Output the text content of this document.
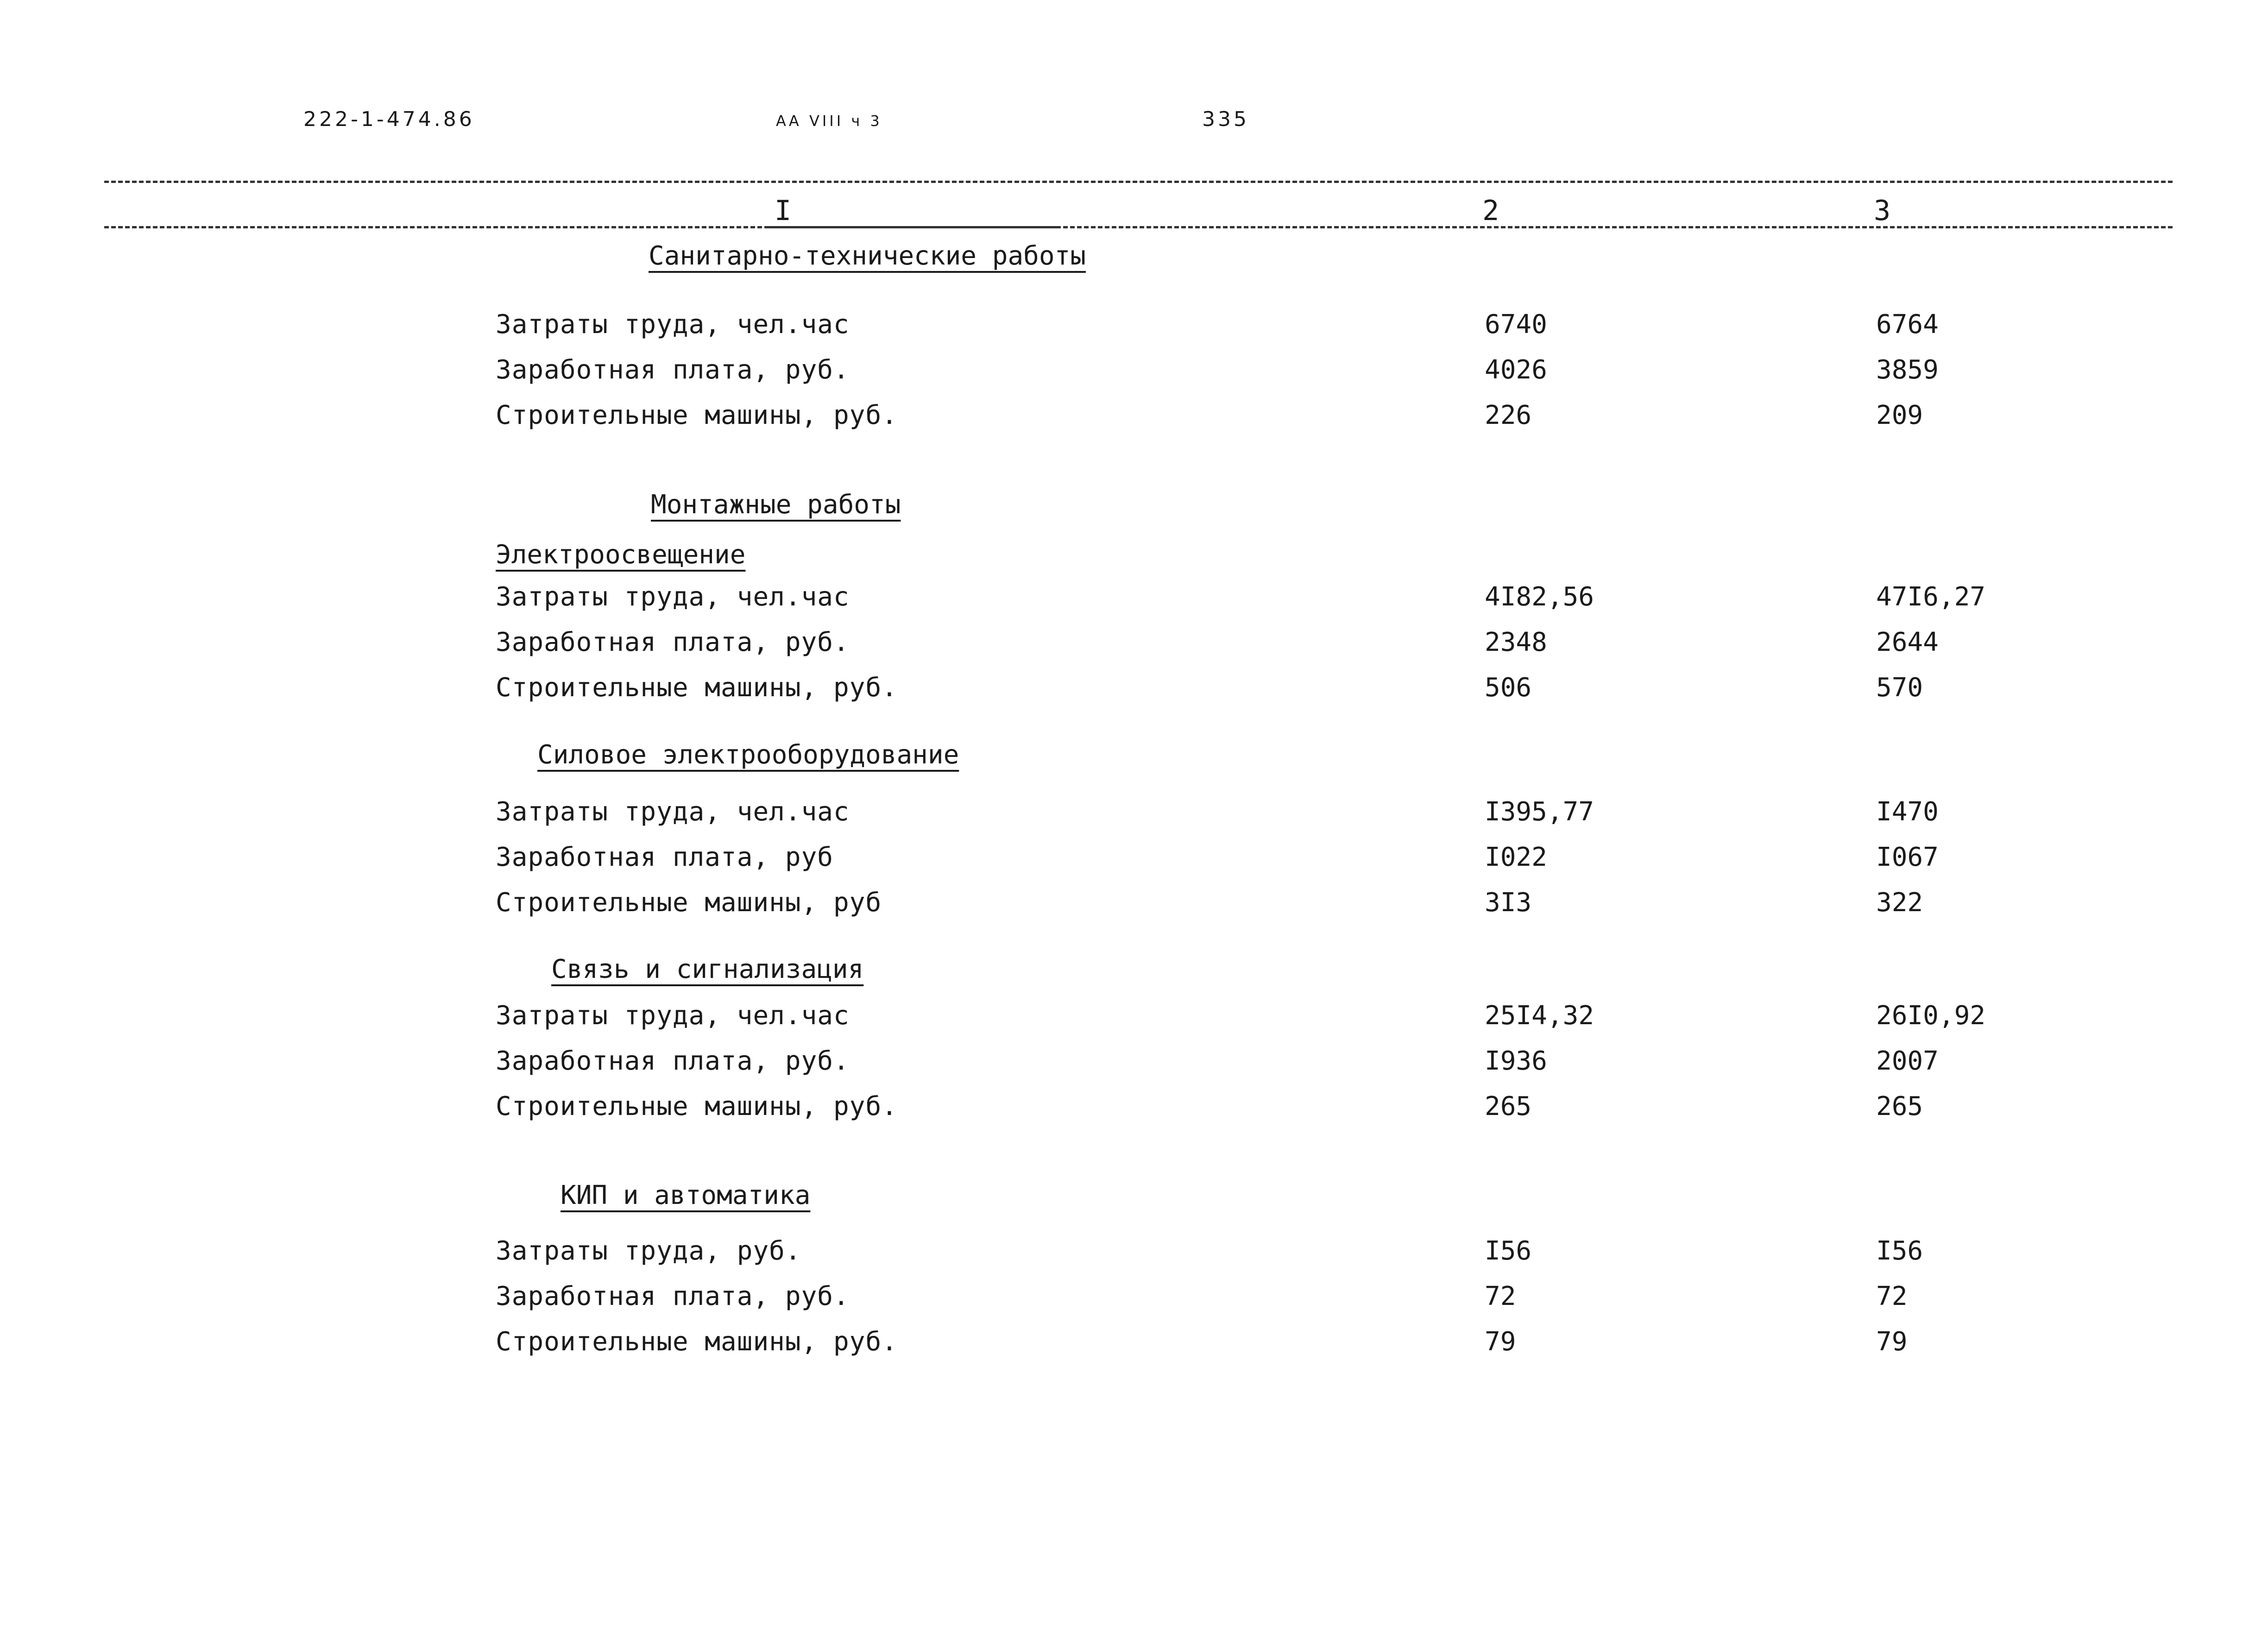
222-1-474.86	АА VIII ч 3	335
I	2	3
Санитарно-технические работы
Затраты труда, чел.час	6740	6764
Заработная плата, руб.	4026	3859
Строительные машины, руб.	226	209
Монтажные работы
Электроосвещение
Затраты труда, чел.час	4I82,56	47I6,27
Заработная плата, руб.	2348	2644
Строительные машины, руб.	506	570
Силовое электрооборудование
Затраты труда, чел.час	I395,77	I470
Заработная плата, руб	I022	I067
Строительные машины, руб	3I3	322
Связь и сигнализация
Затраты труда, чел.час	25I4,32	26I0,92
Заработная плата, руб.	I936	2007
Строительные машины, руб.	265	265
КИП и автоматика
Затраты труда, руб.	I56	I56
Заработная плата, руб.	72	72
Строительные машины, руб.	79	79
